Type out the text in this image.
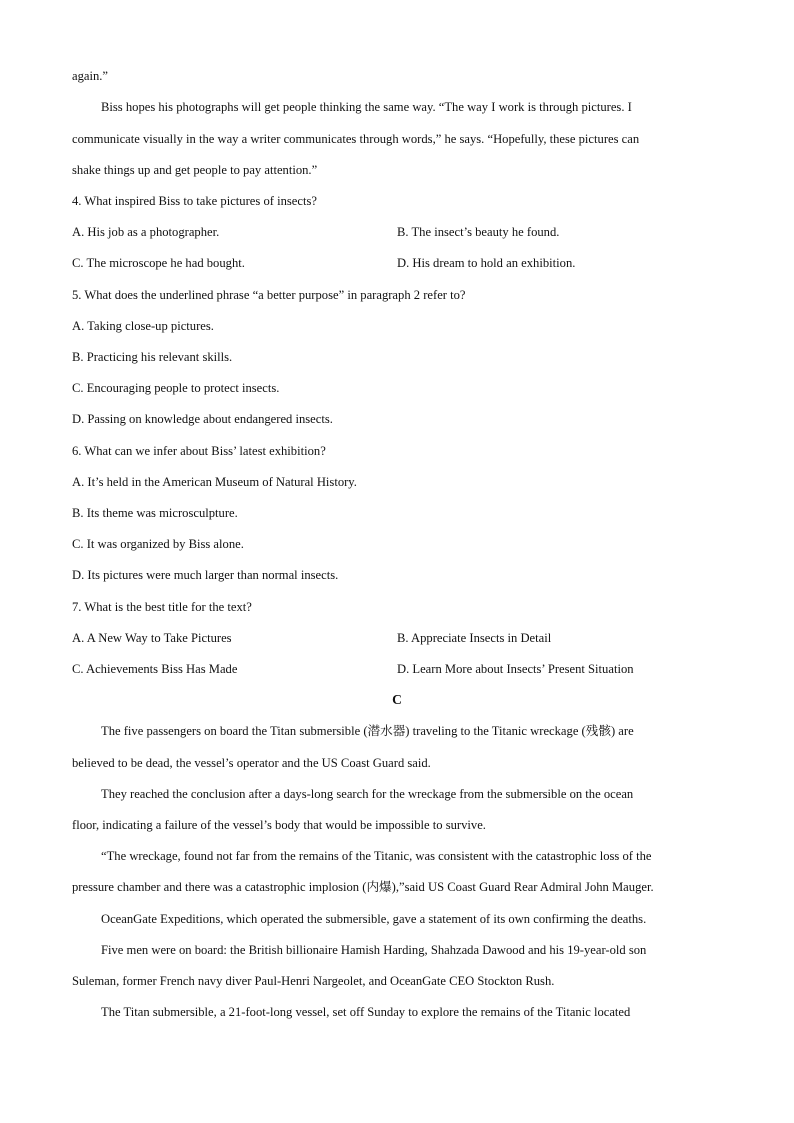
again.”
Biss hopes his photographs will get people thinking the same way. “The way I work is through pictures. I
communicate visually in the way a writer communicates through words,” he says. “Hopefully, these pictures can
shake things up and get people to pay attention.”
4. What inspired Biss to take pictures of insects?
A. His job as a photographer.	B. The insect’s beauty he found.
C. The microscope he had bought.	D. His dream to hold an exhibition.
5. What does the underlined phrase “a better purpose” in paragraph 2 refer to?
A. Taking close-up pictures.
B. Practicing his relevant skills.
C. Encouraging people to protect insects.
D. Passing on knowledge about endangered insects.
6. What can we infer about Biss’ latest exhibition?
A. It’s held in the American Museum of Natural History.
B. Its theme was microsculpture.
C. It was organized by Biss alone.
D. Its pictures were much larger than normal insects.
7. What is the best title for the text?
A. A New Way to Take Pictures	B. Appreciate Insects in Detail
C. Achievements Biss Has Made	D. Learn More about Insects’ Present Situation
C
The five passengers on board the Titan submersible (潜水器) traveling to the Titanic wreckage (残骸) are
believed to be dead, the vessel’s operator and the US Coast Guard said.
They reached the conclusion after a days-long search for the wreckage from the submersible on the ocean
floor, indicating a failure of the vessel’s body that would be impossible to survive.
“The wreckage, found not far from the remains of the Titanic, was consistent with the catastrophic loss of the
pressure chamber and there was a catastrophic implosion (内爆),”said US Coast Guard Rear Admiral John Mauger.
OceanGate Expeditions, which operated the submersible, gave a statement of its own confirming the deaths.
Five men were on board: the British billionaire Hamish Harding, Shahzada Dawood and his 19-year-old son
Suleman, former French navy diver Paul-Henri Nargeolet, and OceanGate CEO Stockton Rush.
The Titan submersible, a 21-foot-long vessel, set off Sunday to explore the remains of the Titanic located
